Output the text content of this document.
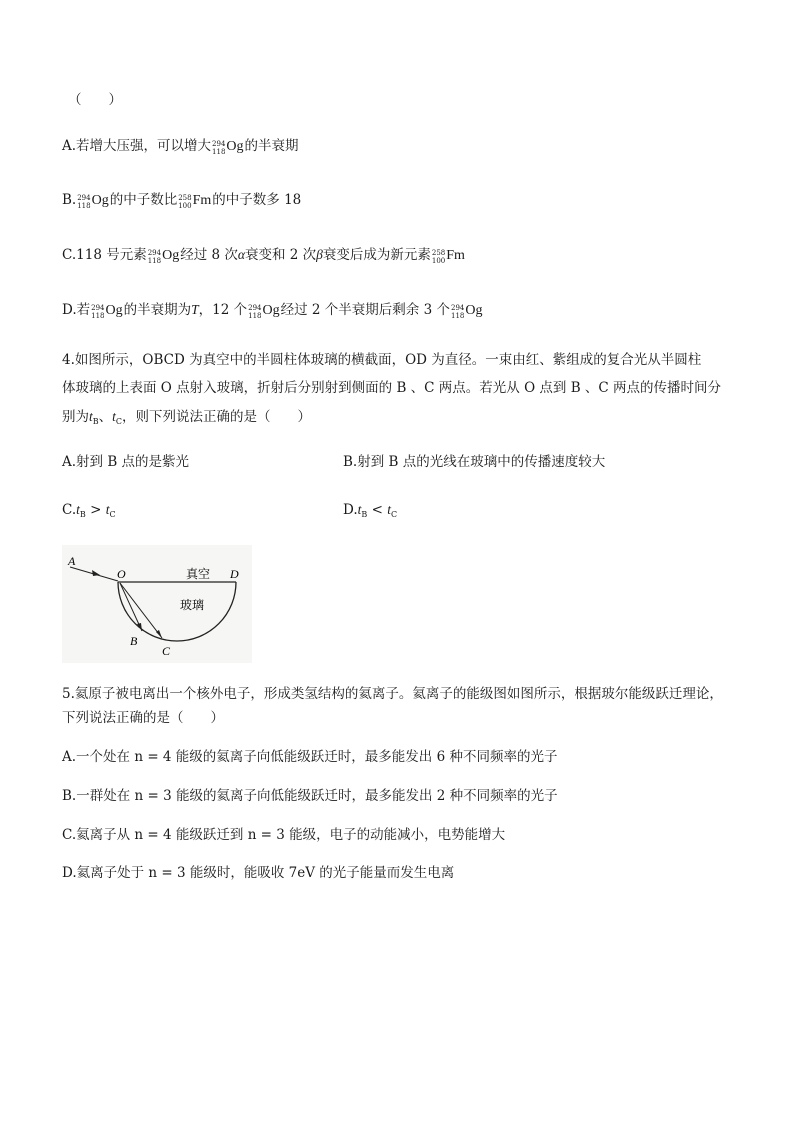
（　　）
A.若增大压强，可以增大 294
118 Og的半衰期
B. 294
118 Og的中子数比 258
100 Fm的中子数多 18
C.118 号元素 294
118 Og经过 8 次α衰变和 2 次β衰变后成为新元素 258
100 Fm
D.若 294
118 Og的半衰期为T，12 个 294
118 Og经过 2 个半衰期后剩余 3 个 294
118 Og
4.如图所示，OBCD 为真空中的半圆柱体玻璃的横截面，OD 为直径。一束由红、紫组成的复合光从半圆柱
体玻璃的上表面 O 点射入玻璃，折射后分别射到侧面的 B 、C 两点。若光从 O 点到 B 、C 两点的传播时间分
别为$t_B$、$t_C$，则下列说法正确的是（　　）
A.射到 B 点的是紫光	B.射到 B 点的光线在玻璃中的传播速度较大
$C.t_B > t_C$	$D.t_B < t_C$
A
O	D
B
C
真空
玻璃
5.氦原子被电离出一个核外电子，形成类氢结构的氦离子。氦离子的能级图如图所示，根据玻尔能级跃迁理论，
下列说法正确的是（　　）
A.一个处在 n = 4 能级的氦离子向低能级跃迁时，最多能发出 6 种不同频率的光子
B.一群处在 n = 3 能级的氦离子向低能级跃迁时，最多能发出 2 种不同频率的光子
C.氦离子从 n = 4 能级跃迁到 n = 3 能级，电子的动能减小，电势能增大
D.氦离子处于 n = 3 能级时，能吸收 7eV 的光子能量而发生电离
